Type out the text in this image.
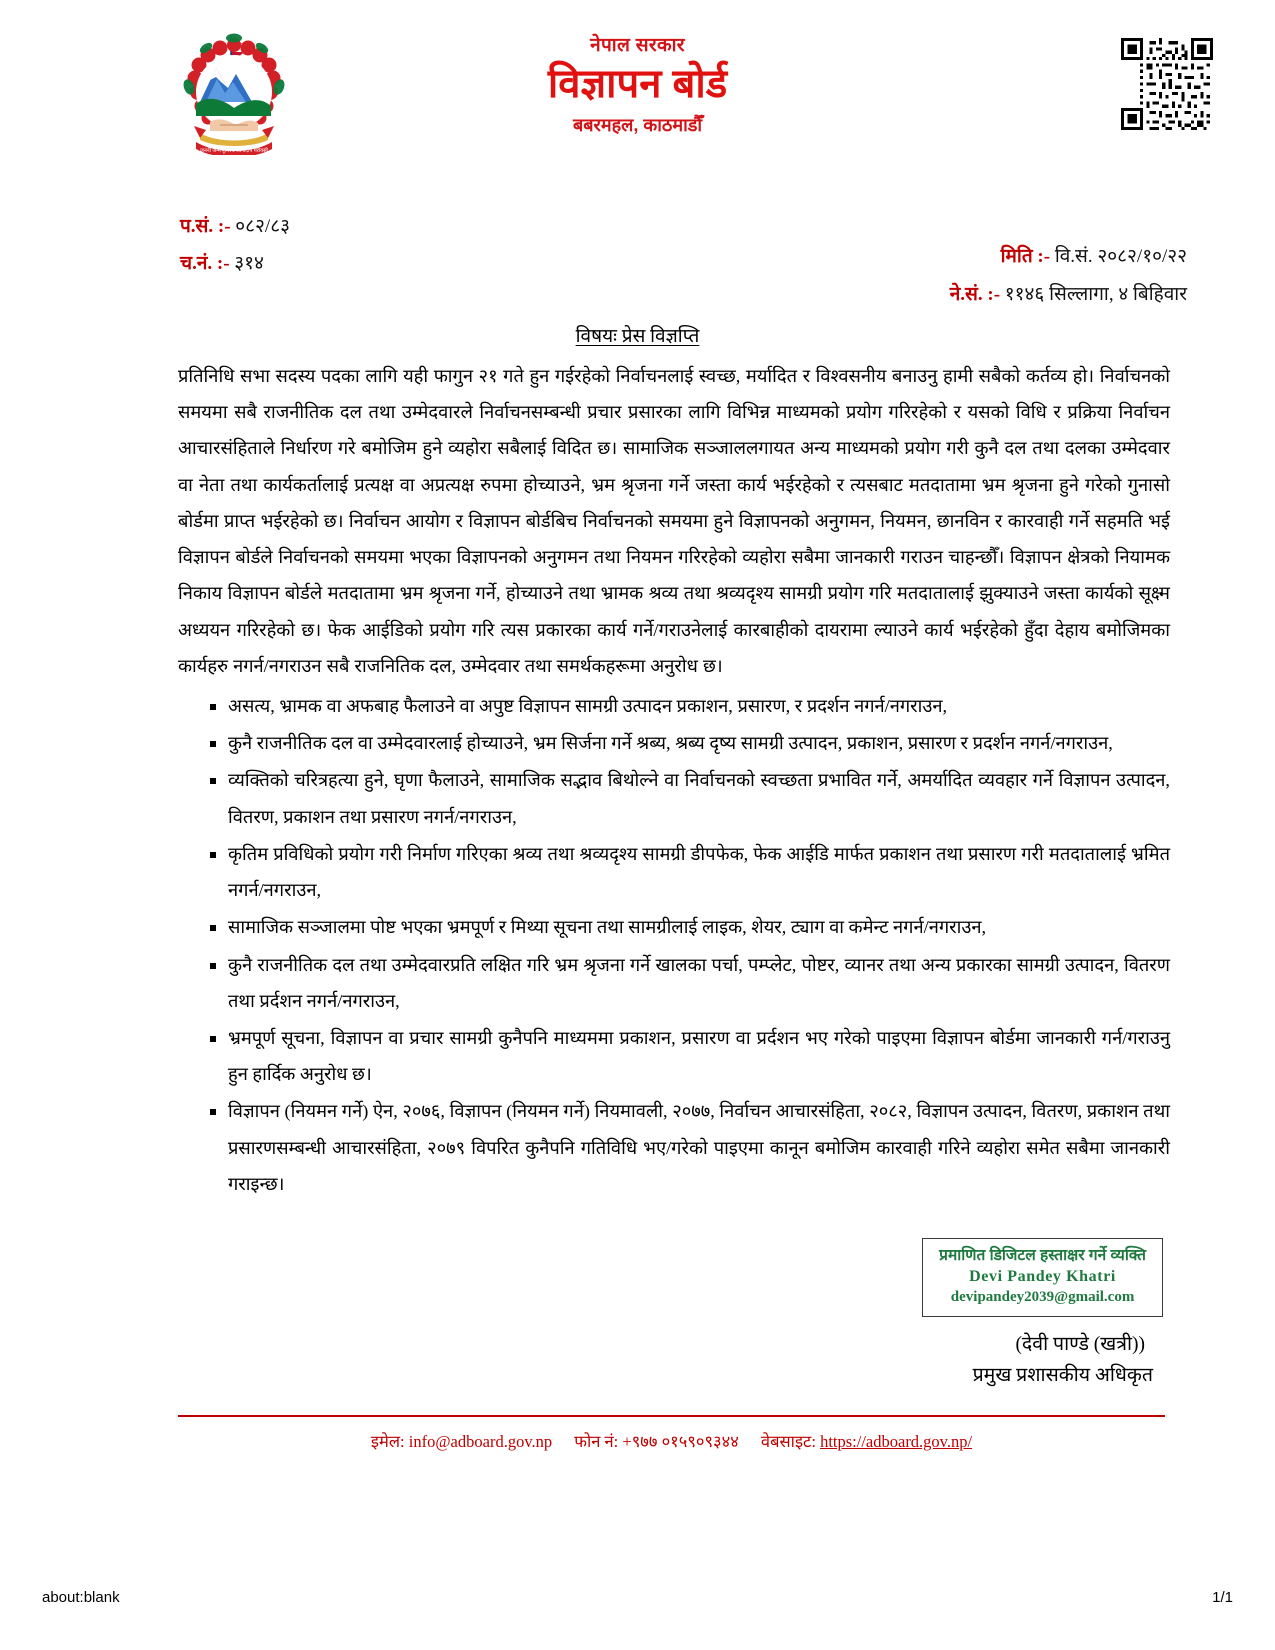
जननी जन्मभूमिश्च स्वर्गादपि गरीयसी
नेपाल सरकार
विज्ञापन बोर्ड
बबरमहल, काठमाडौँ
प.सं. :- ०८२/८३
च.नं. :- ३१४	मिति :- वि.सं. २०८२/१०/२२
ने.सं. :- ११४६ सिल्लागा, ४ बिहिवार
विषयः प्रेस विज्ञप्ति

प्रतिनिधि सभा सदस्य पदका लागि यही फागुन २१ गते हुन गईरहेको निर्वाचनलाई स्वच्छ, मर्यादित र विश्वसनीय बनाउनु हामी सबैको कर्तव्य हो। निर्वाचनको समयमा सबै राजनीतिक दल तथा उम्मेदवारले निर्वाचनसम्बन्धी प्रचार प्रसारका लागि विभिन्न माध्यमको प्रयोग गरिरहेको र यसको विधि र प्रक्रिया निर्वाचन आचारसंहिताले निर्धारण गरे बमोजिम हुने व्यहोरा सबैलाई विदित छ। सामाजिक सञ्जाललगायत अन्य माध्यमको प्रयोग गरी कुनै दल तथा दलका उम्मेदवार वा नेता तथा कार्यकर्तालाई प्रत्यक्ष वा अप्रत्यक्ष रुपमा होच्याउने, भ्रम श्रृजना गर्ने जस्ता कार्य भईरहेको र त्यसबाट मतदातामा भ्रम श्रृजना हुने गरेको गुनासो बोर्डमा प्राप्त भईरहेको छ। निर्वाचन आयोग र विज्ञापन बोर्डबिच निर्वाचनको समयमा हुने विज्ञापनको अनुगमन, नियमन, छानविन र कारवाही गर्ने सहमति भई विज्ञापन बोर्डले निर्वाचनको समयमा भएका विज्ञापनको अनुगमन तथा नियमन गरिरहेको व्यहोरा सबैमा जानकारी गराउन चाहन्छौँ। विज्ञापन क्षेत्रको नियामक निकाय विज्ञापन बोर्डले मतदातामा भ्रम श्रृजना गर्ने, होच्याउने तथा भ्रामक श्रव्य तथा श्रव्यदृश्य सामग्री प्रयोग गरि मतदातालाई झुक्याउने जस्ता कार्यको सूक्ष्म अध्ययन गरिरहेको छ। फेक आईडिको प्रयोग गरि त्यस प्रकारका कार्य गर्ने/गराउनेलाई कारबाहीको दायरामा ल्याउने कार्य भईरहेको हुँदा देहाय बमोजिमका कार्यहरु नगर्न/नगराउन सबै राजनितिक दल, उम्मेदवार तथा समर्थकहरूमा अनुरोध छ।

असत्य, भ्रामक वा अफबाह फैलाउने वा अपुष्ट विज्ञापन सामग्री उत्पादन प्रकाशन, प्रसारण, र प्रदर्शन नगर्न/नगराउन,
कुनै राजनीतिक दल वा उम्मेदवारलाई होच्याउने, भ्रम सिर्जना गर्ने श्रब्य, श्रब्य दृष्य सामग्री उत्पादन, प्रकाशन, प्रसारण र प्रदर्शन नगर्न/नगराउन,
व्यक्तिको चरित्रहत्या हुने, घृणा फैलाउने, सामाजिक सद्भाव बिथोल्ने वा निर्वाचनको स्वच्छता प्रभावित गर्ने, अमर्यादित व्यवहार गर्ने विज्ञापन उत्पादन, वितरण, प्रकाशन तथा प्रसारण नगर्न/नगराउन,
कृतिम प्रविधिको प्रयोग गरी निर्माण गरिएका श्रव्य तथा श्रव्यदृश्य सामग्री डीपफेक, फेक आईडि मार्फत प्रकाशन तथा प्रसारण गरी मतदातालाई भ्रमित नगर्न/नगराउन,
सामाजिक सञ्जालमा पोष्ट भएका भ्रमपूर्ण र मिथ्या सूचना तथा सामग्रीलाई लाइक, शेयर, ट्याग वा कमेन्ट नगर्न/नगराउन,
कुनै राजनीतिक दल तथा उम्मेदवारप्रति लक्षित गरि भ्रम श्रृजना गर्ने खालका पर्चा, पम्प्लेट, पोष्टर, व्यानर तथा अन्य प्रकारका सामग्री उत्पादन, वितरण तथा प्रर्दशन नगर्न/नगराउन,
भ्रमपूर्ण सूचना, विज्ञापन वा प्रचार सामग्री कुनैपनि माध्यममा प्रकाशन, प्रसारण वा प्रर्दशन भए गरेको पाइएमा विज्ञापन बोर्डमा जानकारी गर्न/गराउनु हुन हार्दिक अनुरोध छ।
विज्ञापन (नियमन गर्ने) ऐन, २०७६, विज्ञापन (नियमन गर्ने) नियमावली, २०७७, निर्वाचन आचारसंहिता, २०८२, विज्ञापन उत्पादन, वितरण, प्रकाशन तथा प्रसारणसम्बन्धी आचारसंहिता, २०७९ विपरित कुनैपनि गतिविधि भए/गरेको पाइएमा कानून बमोजिम कारवाही गरिने व्यहोरा समेत सबैमा जानकारी गराइन्छ।
प्रमाणित डिजिटल हस्ताक्षर गर्ने व्यक्ति
Devi Pandey Khatri
devipandey2039@gmail.com
(देवी पाण्डे (खत्री))
प्रमुख प्रशासकीय अधिकृत
इमेल: info@adboard.gov.np फोन नं: +९७७ ०१५९०९३४४ वेबसाइट: https://adboard.gov.np/
about:blank	1/1
